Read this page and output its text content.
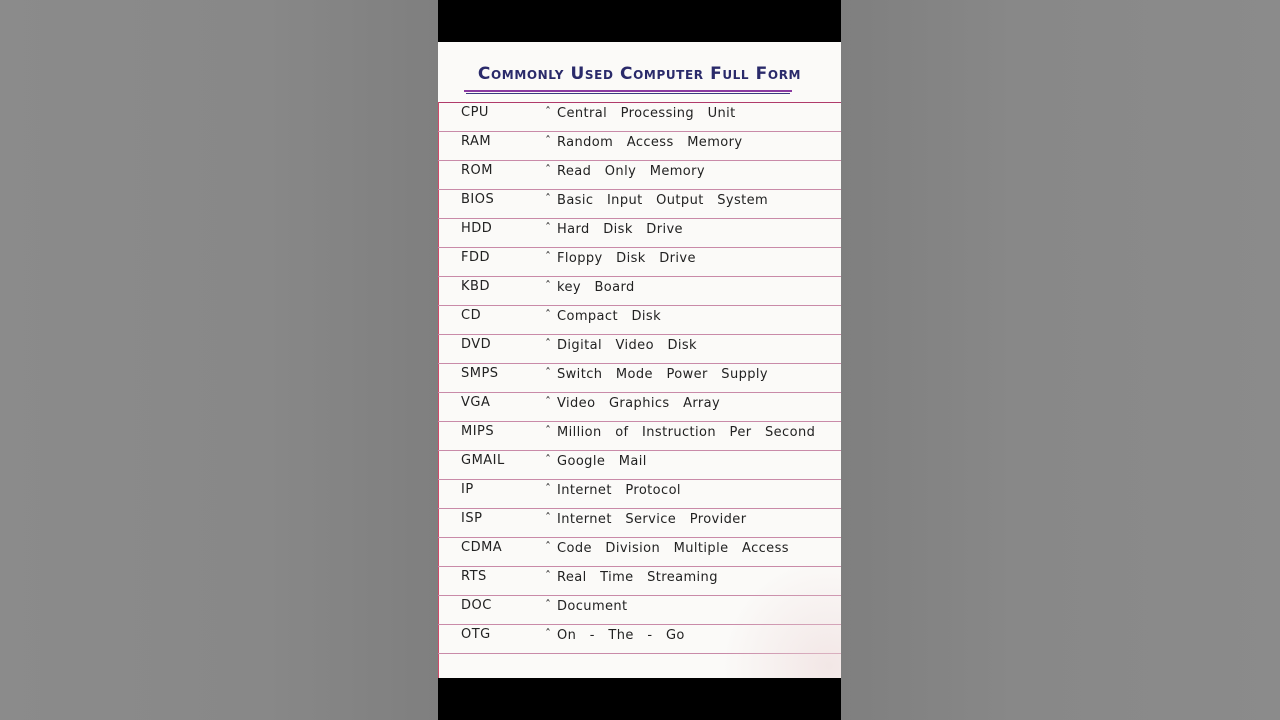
Commonly Used Computer Full Form
CPU	ˆ Central Processing Unit
RAM	ˆ Random Access Memory
ROM	ˆ Read Only Memory
BIOS	ˆ Basic Input Output System
HDD	ˆ Hard Disk Drive
FDD	ˆ Floppy Disk Drive
KBD	ˆ key Board
CD	ˆ Compact Disk
DVD	ˆ Digital Video Disk
SMPS	ˆ Switch Mode Power Supply
VGA	ˆ Video Graphics Array
MIPS	ˆ Million of Instruction Per Second
GMAIL	ˆ Google Mail
IP	ˆ Internet Protocol
ISP	ˆ Internet Service Provider
CDMA	ˆ Code Division Multiple Access
RTS	ˆ Real Time Streaming
DOC	ˆ Document
OTG	ˆ On - The - Go
